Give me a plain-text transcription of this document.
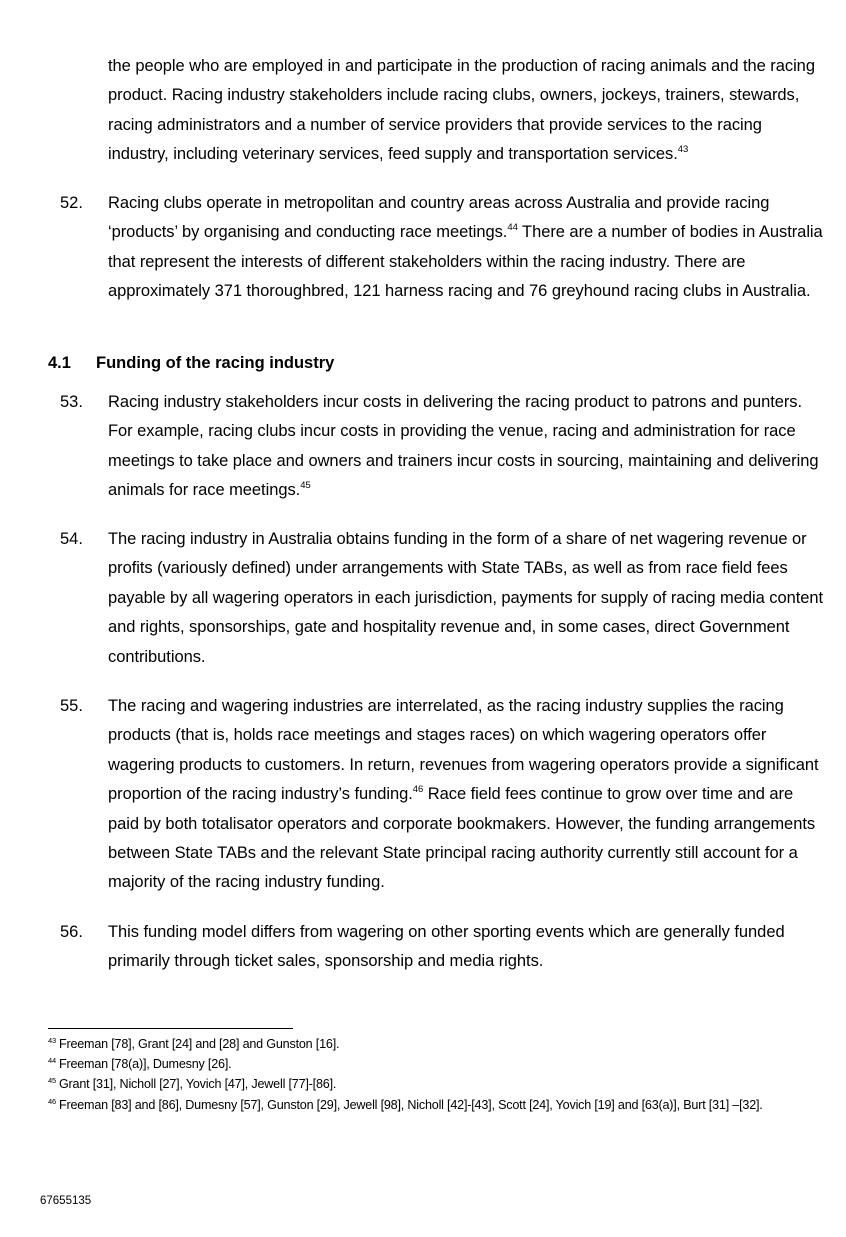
the people who are employed in and participate in the production of racing animals and the racing product. Racing industry stakeholders include racing clubs, owners, jockeys, trainers, stewards, racing administrators and a number of service providers that provide services to the racing industry, including veterinary services, feed supply and transportation services.$^{43}$

52. Racing clubs operate in metropolitan and country areas across Australia and provide racing ‘products’ by organising and conducting race meetings.$^{44}$ There are a number of bodies in Australia that represent the interests of different stakeholders within the racing industry. There are approximately 371 thoroughbred, 121 harness racing and 76 greyhound racing clubs in Australia.

4.1 Funding of the racing industry
53. Racing industry stakeholders incur costs in delivering the racing product to patrons and punters. For example, racing clubs incur costs in providing the venue, racing and administration for race meetings to take place and owners and trainers incur costs in sourcing, maintaining and delivering animals for race meetings.$^{45}$

54. The racing industry in Australia obtains funding in the form of a share of net wagering revenue or profits (variously defined) under arrangements with State TABs, as well as from race field fees payable by all wagering operators in each jurisdiction, payments for supply of racing media content and rights, sponsorships, gate and hospitality revenue and, in some cases, direct Government contributions.

55. The racing and wagering industries are interrelated, as the racing industry supplies the racing products (that is, holds race meetings and stages races) on which wagering operators offer wagering products to customers. In return, revenues from wagering operators provide a significant proportion of the racing industry’s funding.$^{46}$ Race field fees continue to grow over time and are paid by both totalisator operators and corporate bookmakers. However, the funding arrangements between State TABs and the relevant State principal racing authority currently still account for a majority of the racing industry funding.

56. This funding model differs from wagering on other sporting events which are generally funded primarily through ticket sales, sponsorship and media rights.

$^{43}$ Freeman [78], Grant [24] and [28] and Gunston [16].
$^{44}$ Freeman [78(a)], Dumesny [26].
$^{45}$ Grant [31], Nicholl [27], Yovich [47], Jewell [77]-[86].
$^{46}$ Freeman [83] and [86], Dumesny [57], Gunston [29], Jewell [98], Nicholl [42]-[43], Scott [24], Yovich [19] and [63(a)], Burt [31] –[32].
67655135
